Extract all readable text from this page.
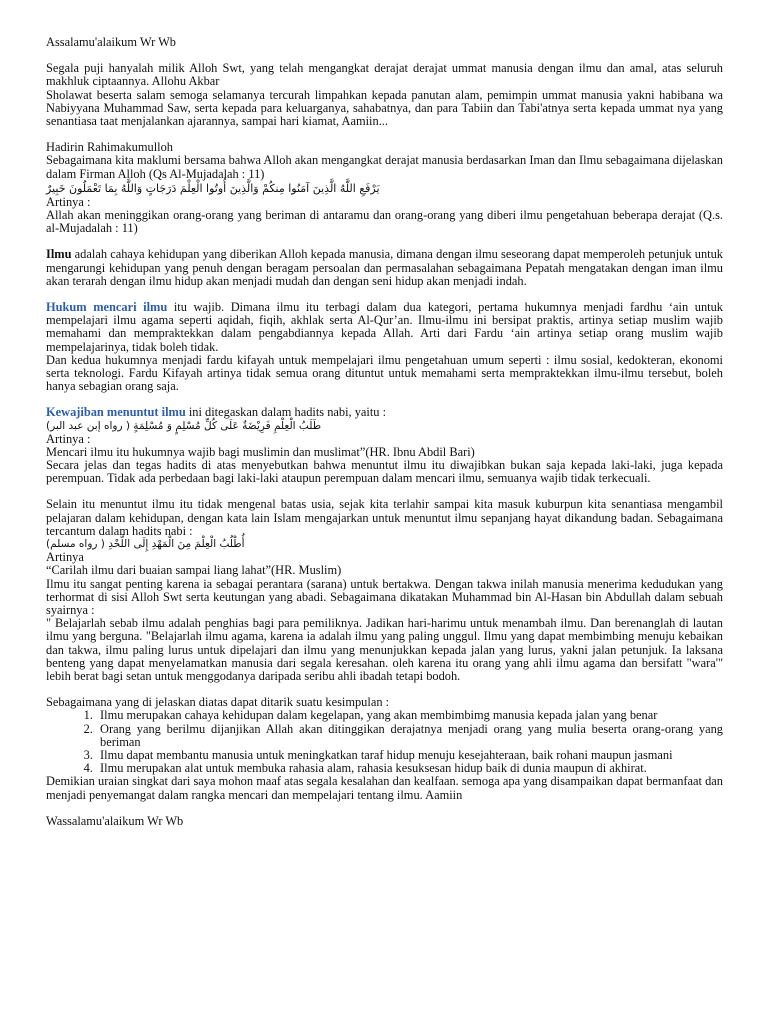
Assalamu'alaikum Wr Wb

Segala puji hanyalah milik Alloh Swt, yang telah mengangkat derajat derajat ummat manusia dengan ilmu dan amal, atas seluruh makhluk ciptaannya. Allohu Akbar

Sholawat beserta salam semoga selamanya tercurah limpahkan kepada panutan alam, pemimpin ummat manusia yakni habibana wa Nabiyyana Muhammad Saw, serta kepada para keluarganya, sahabatnya, dan para Tabiin dan Tabi'atnya serta kepada ummat nya yang senantiasa taat menjalankan ajarannya, sampai hari kiamat, Aamiin...

Hadirin Rahimakumulloh

Sebagaimana kita maklumi bersama bahwa Alloh akan mengangkat derajat manusia berdasarkan Iman dan Ilmu sebagaimana dijelaskan dalam Firman Alloh (Qs Al-Mujadalah : 11)

يَرْفَعِ اللَّهُ الَّذِينَ آمَنُوا مِنكُمْ وَالَّذِينَ أُوتُوا الْعِلْمَ دَرَجَاتٍ وَاللَّهُ بِمَا تَعْمَلُونَ خَبِيرٌ

Artinya :

Allah akan meninggikan orang-orang yang beriman di antaramu dan orang-orang yang diberi ilmu pengetahuan beberapa derajat (Q.s. al-Mujadalah : 11)

Ilmu adalah cahaya kehidupan yang diberikan Alloh kepada manusia, dimana dengan ilmu seseorang dapat memperoleh petunjuk untuk mengarungi kehidupan yang penuh dengan beragam persoalan dan permasalahan sebagaimana Pepatah mengatakan dengan iman ilmu akan terarah dengan ilmu hidup akan menjadi mudah dan dengan seni hidup akan menjadi indah.

Hukum mencari ilmu itu wajib. Dimana ilmu itu terbagi dalam dua kategori, pertama hukumnya menjadi fardhu ‘ain untuk mempelajari ilmu agama seperti aqidah, fiqih, akhlak serta Al-Qur’an. Ilmu-ilmu ini bersipat praktis, artinya setiap muslim wajib memahami dan mempraktekkan dalam pengabdiannya kepada Allah. Arti dari Fardu ‘ain artinya setiap orang muslim wajib mempelajarinya, tidak boleh tidak.

Dan kedua hukumnya menjadi fardu kifayah untuk mempelajari ilmu pengetahuan umum seperti : ilmu sosial, kedokteran, ekonomi serta teknologi. Fardu Kifayah artinya tidak semua orang dituntut untuk memahami serta mempraktekkan ilmu-ilmu tersebut, boleh hanya sebagian orang saja.

Kewajiban menuntut ilmu ini ditegaskan dalam hadits nabi, yaitu :

(طَلَبُ الْعِلْمِ فَرِيْضَةٌ عَلَى كُلِّ مُسْلِمٍ وَ مُسْلِمَةٍ ( رواه إبن عبد البر

Artinya :

Mencari ilmu itu hukumnya wajib bagi muslimin dan muslimat”(HR. Ibnu Abdil Bari)

Secara jelas dan tegas hadits di atas menyebutkan bahwa menuntut ilmu itu diwajibkan bukan saja kepada laki-laki, juga kepada perempuan. Tidak ada perbedaan bagi laki-laki ataupun perempuan dalam mencari ilmu, semuanya wajib tidak terkecuali.

Selain itu menuntut ilmu itu tidak mengenal batas usia, sejak kita terlahir sampai kita masuk kuburpun kita senantiasa mengambil pelajaran dalam kehidupan, dengan kata lain Islam mengajarkan untuk menuntut ilmu sepanjang hayat dikandung badan. Sebagaimana tercantum dalam hadits nabi :

(أُطْلُبُ الْعِلْمَ مِنَ الْمَهْدِ إِلَى اللَّحْدِ ( رواه مسلم

Artinya

“Carilah ilmu dari buaian sampai liang lahat”(HR. Muslim)

Ilmu itu sangat penting karena ia sebagai perantara (sarana) untuk bertakwa. Dengan takwa inilah manusia menerima kedudukan yang terhormat di sisi Alloh Swt serta keutungan yang abadi. Sebagaimana dikatakan Muhammad bin Al-Hasan bin Abdullah dalam sebuah syairnya :

" Belajarlah sebab ilmu adalah penghias bagi para pemiliknya. Jadikan hari-harimu untuk menambah ilmu. Dan berenanglah di lautan ilmu yang berguna. "Belajarlah ilmu agama, karena ia adalah ilmu yang paling unggul. Ilmu yang dapat membimbing menuju kebaikan dan takwa, ilmu paling lurus untuk dipelajari dan ilmu yang menunjukkan kepada jalan yang lurus, yakni jalan petunjuk. Ia laksana benteng yang dapat menyelamatkan manusia dari segala keresahan. oleh karena itu orang yang ahli ilmu agama dan bersifatt "wara'" lebih berat bagi setan untuk menggodanya daripada seribu ahli ibadah tetapi bodoh.

Sebagaimana yang di jelaskan diatas dapat ditarik suatu kesimpulan :

1. Ilmu merupakan cahaya kehidupan dalam kegelapan, yang akan membimbimg manusia kepada jalan yang benar
2. Orang yang berilmu dijanjikan Allah akan ditinggikan derajatnya menjadi orang yang mulia beserta orang-orang yang beriman
3. Ilmu dapat membantu manusia untuk meningkatkan taraf hidup menuju kesejahteraan, baik rohani maupun jasmani
4. Ilmu merupakan alat untuk membuka rahasia alam, rahasia kesuksesan hidup baik di dunia maupun di akhirat.

Demikian uraian singkat dari saya mohon maaf atas segala kesalahan dan kealfaan. semoga apa yang disampaikan dapat bermanfaat dan menjadi penyemangat dalam rangka mencari dan mempelajari tentang ilmu. Aamiin

Wassalamu'alaikum Wr Wb
